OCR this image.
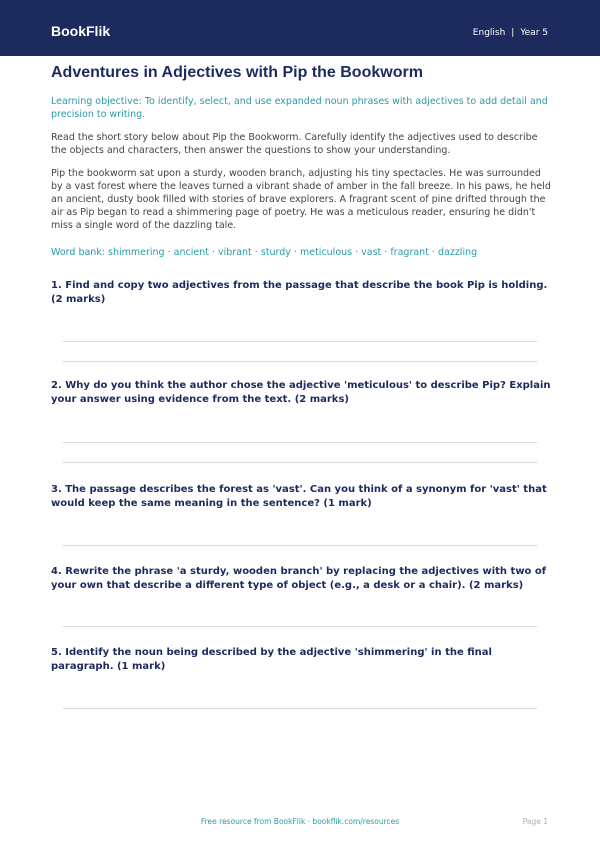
BookFlik	English | Year 5
Adventures in Adjectives with Pip the Bookworm
Learning objective: To identify, select, and use expanded noun phrases with adjectives to add detail and precision to writing.
Read the short story below about Pip the Bookworm. Carefully identify the adjectives used to describe the objects and characters, then answer the questions to show your understanding.
Pip the bookworm sat upon a sturdy, wooden branch, adjusting his tiny spectacles. He was surrounded by a vast forest where the leaves turned a vibrant shade of amber in the fall breeze. In his paws, he held an ancient, dusty book filled with stories of brave explorers. A fragrant scent of pine drifted through the air as Pip began to read a shimmering page of poetry. He was a meticulous reader, ensuring he didn't miss a single word of the dazzling tale.
Word bank: shimmering · ancient · vibrant · sturdy · meticulous · vast · fragrant · dazzling
1. Find and copy two adjectives from the passage that describe the book Pip is holding. (2 marks)
2. Why do you think the author chose the adjective 'meticulous' to describe Pip? Explain your answer using evidence from the text. (2 marks)
3. The passage describes the forest as 'vast'. Can you think of a synonym for 'vast' that would keep the same meaning in the sentence? (1 mark)
4. Rewrite the phrase 'a sturdy, wooden branch' by replacing the adjectives with two of your own that describe a different type of object (e.g., a desk or a chair). (2 marks)
5. Identify the noun being described by the adjective 'shimmering' in the final paragraph. (1 mark)
Free resource from BookFlik · bookflik.com/resources	Page 1
